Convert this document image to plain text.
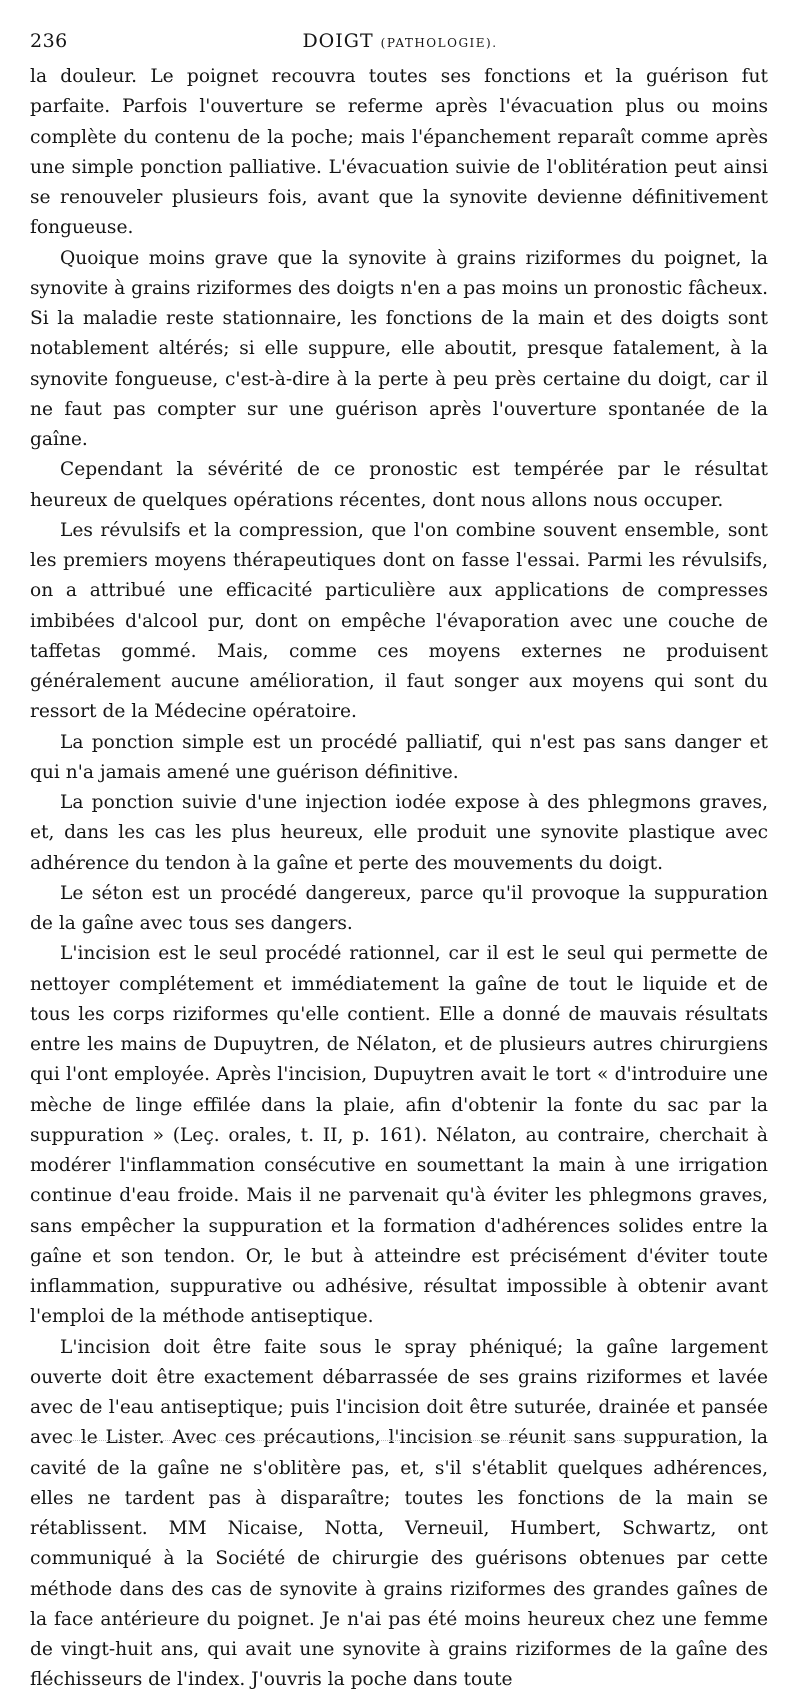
236	DOIGT (PATHOLOGIE).

la douleur. Le poignet recouvra toutes ses fonctions et la guérison fut parfaite. Parfois l'ouverture se referme après l'évacuation plus ou moins complète du contenu de la poche; mais l'épanchement reparaît comme après une simple ponction palliative. L'évacuation suivie de l'oblitération peut ainsi se renouveler plusieurs fois, avant que la synovite devienne définitivement fongueuse.

Quoique moins grave que la synovite à grains riziformes du poignet, la synovite à grains riziformes des doigts n'en a pas moins un pronostic fâcheux. Si la maladie reste stationnaire, les fonctions de la main et des doigts sont notablement altérés; si elle suppure, elle aboutit, presque fatalement, à la synovite fongueuse, c'est-à-dire à la perte à peu près certaine du doigt, car il ne faut pas compter sur une guérison après l'ouverture spontanée de la gaîne.

Cependant la sévérité de ce pronostic est tempérée par le résultat heureux de quelques opérations récentes, dont nous allons nous occuper.

Les révulsifs et la compression, que l'on combine souvent ensemble, sont les premiers moyens thérapeutiques dont on fasse l'essai. Parmi les révulsifs, on a attribué une efficacité particulière aux applications de compresses imbibées d'alcool pur, dont on empêche l'évaporation avec une couche de taffetas gommé. Mais, comme ces moyens externes ne produisent généralement aucune amélioration, il faut songer aux moyens qui sont du ressort de la Médecine opératoire.

La ponction simple est un procédé palliatif, qui n'est pas sans danger et qui n'a jamais amené une guérison définitive.

La ponction suivie d'une injection iodée expose à des phlegmons graves, et, dans les cas les plus heureux, elle produit une synovite plastique avec adhérence du tendon à la gaîne et perte des mouvements du doigt.

Le séton est un procédé dangereux, parce qu'il provoque la suppuration de la gaîne avec tous ses dangers.

L'incision est le seul procédé rationnel, car il est le seul qui permette de nettoyer complétement et immédiatement la gaîne de tout le liquide et de tous les corps riziformes qu'elle contient. Elle a donné de mauvais résultats entre les mains de Dupuytren, de Nélaton, et de plusieurs autres chirurgiens qui l'ont employée. Après l'incision, Dupuytren avait le tort « d'introduire une mèche de linge effilée dans la plaie, afin d'obtenir la fonte du sac par la suppuration » (Leç. orales, t. II, p. 161). Nélaton, au contraire, cherchait à modérer l'inflammation consécutive en soumettant la main à une irrigation continue d'eau froide. Mais il ne parvenait qu'à éviter les phlegmons graves, sans empêcher la suppuration et la formation d'adhérences solides entre la gaîne et son tendon. Or, le but à atteindre est précisément d'éviter toute inflammation, suppurative ou adhésive, résultat impossible à obtenir avant l'emploi de la méthode antiseptique.

L'incision doit être faite sous le spray phéniqué; la gaîne largement ouverte doit être exactement débarrassée de ses grains riziformes et lavée avec de l'eau antiseptique; puis l'incision doit être suturée, drainée et pansée avec le Lister. Avec ces précautions, l'incision se réunit sans suppuration, la cavité de la gaîne ne s'oblitère pas, et, s'il s'établit quelques adhérences, elles ne tardent pas à disparaître; toutes les fonctions de la main se rétablissent. MM Nicaise, Notta, Verneuil, Humbert, Schwartz, ont communiqué à la Société de chirurgie des guérisons obtenues par cette méthode dans des cas de synovite à grains riziformes des grandes gaînes de la face antérieure du poignet. Je n'ai pas été moins heureux chez une femme de vingt-huit ans, qui avait une synovite à grains riziformes de la gaîne des fléchisseurs de l'index. J'ouvris la poche dans toute
